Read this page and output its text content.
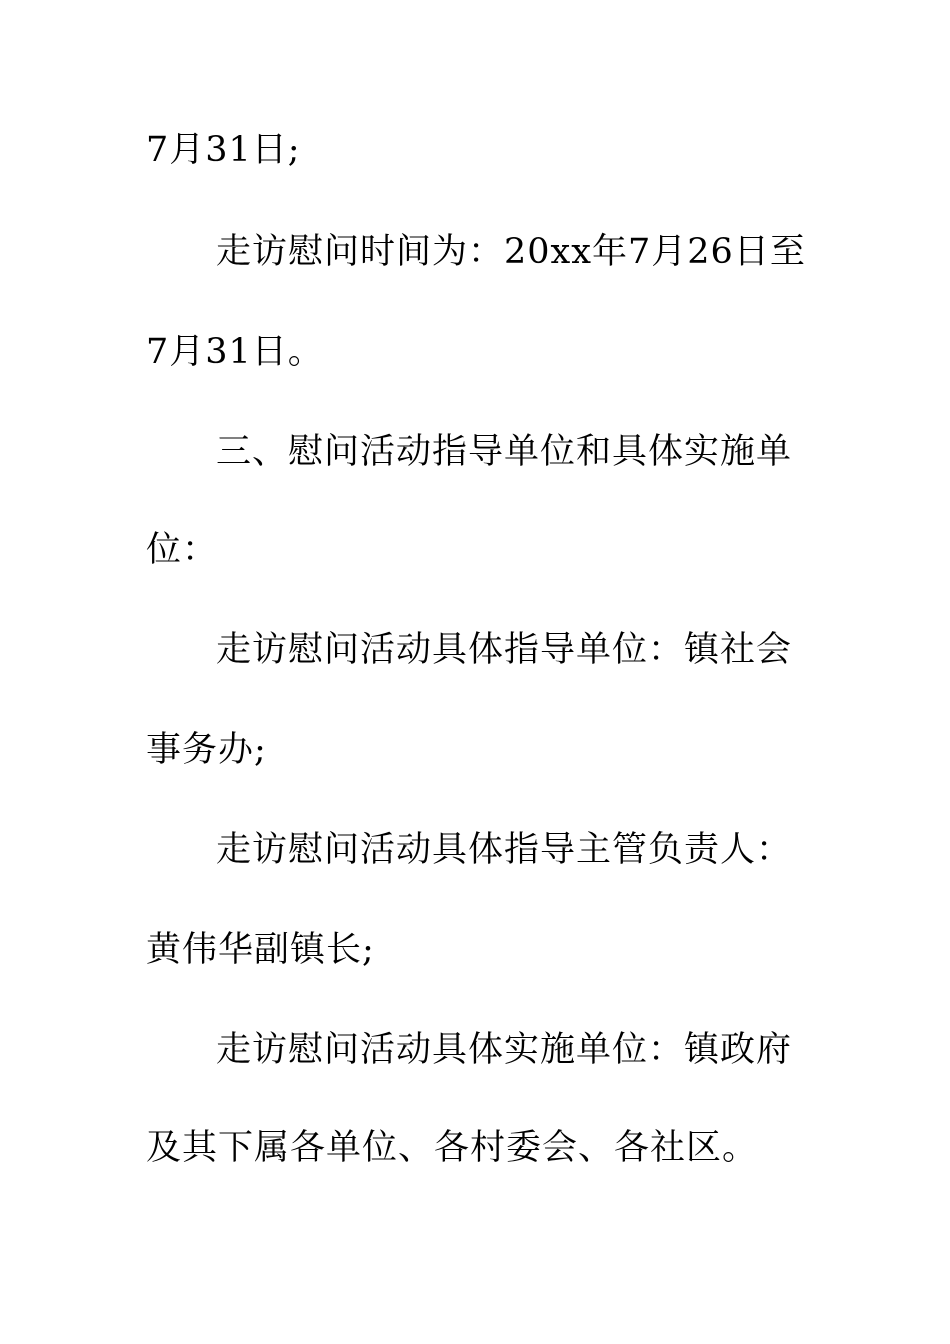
7月31日;
走访慰问时间为：20xx年7月26日至
7月31日。
三、慰问活动指导单位和具体实施单
位：
走访慰问活动具体指导单位：镇社会
事务办;
走访慰问活动具体指导主管负责人：
黄伟华副镇长;
走访慰问活动具体实施单位：镇政府
及其下属各单位、各村委会、各社区。
